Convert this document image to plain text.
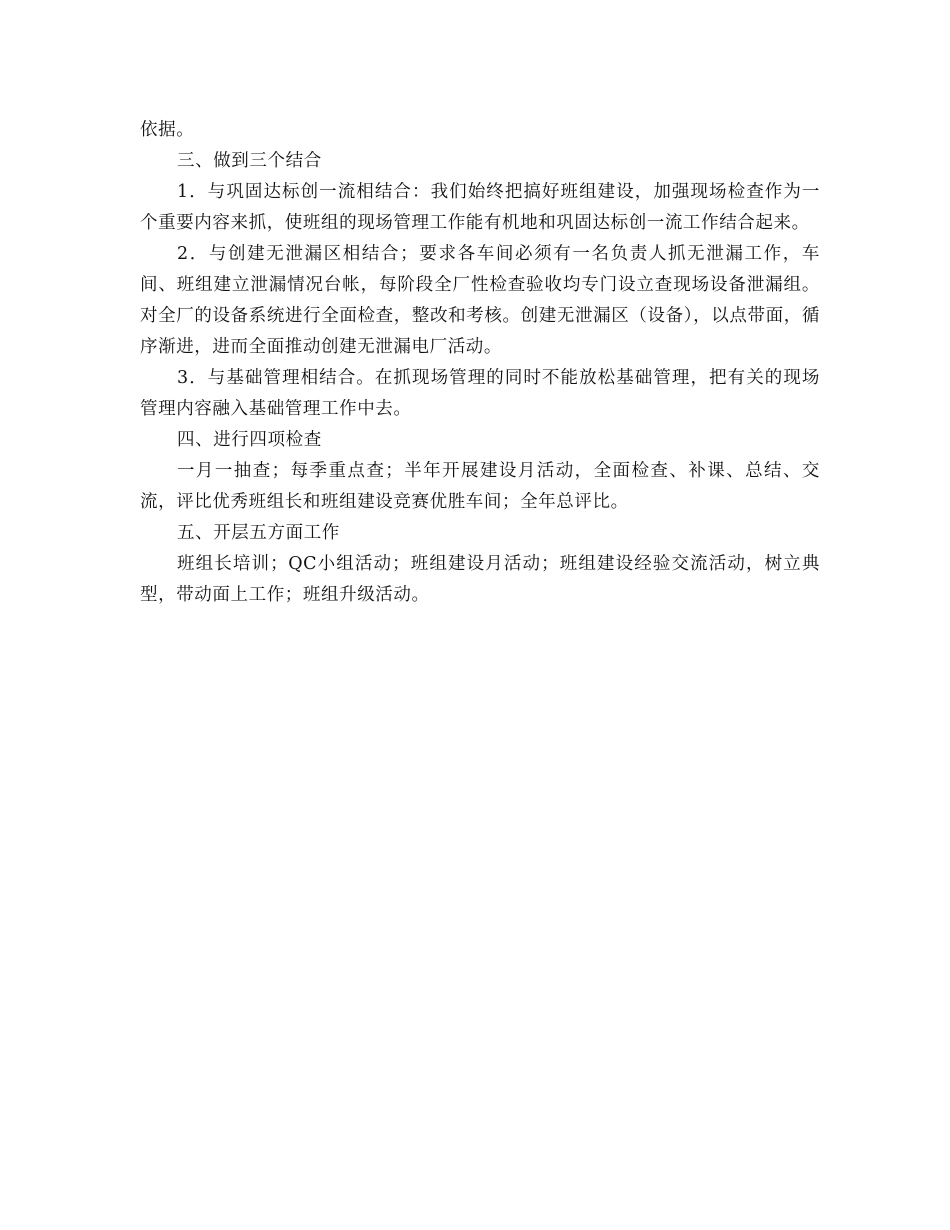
依据。

三、做到三个结合

1．与巩固达标创一流相结合：我们始终把搞好班组建设，加强现场检查作为一个重要内容来抓，使班组的现场管理工作能有机地和巩固达标创一流工作结合起来。

2．与创建无泄漏区相结合；要求各车间必须有一名负责人抓无泄漏工作，车间、班组建立泄漏情况台帐，每阶段全厂性检查验收均专门设立查现场设备泄漏组。对全厂的设备系统进行全面检查，整改和考核。创建无泄漏区（设备），以点带面，循序渐进，进而全面推动创建无泄漏电厂活动。

3．与基础管理相结合。在抓现场管理的同时不能放松基础管理，把有关的现场管理内容融入基础管理工作中去。

四、进行四项检查

一月一抽查；每季重点查；半年开展建设月活动，全面检查、补课、总结、交流，评比优秀班组长和班组建设竞赛优胜车间；全年总评比。

五、开层五方面工作

班组长培训；QC小组活动；班组建设月活动；班组建设经验交流活动，树立典型，带动面上工作；班组升级活动。
